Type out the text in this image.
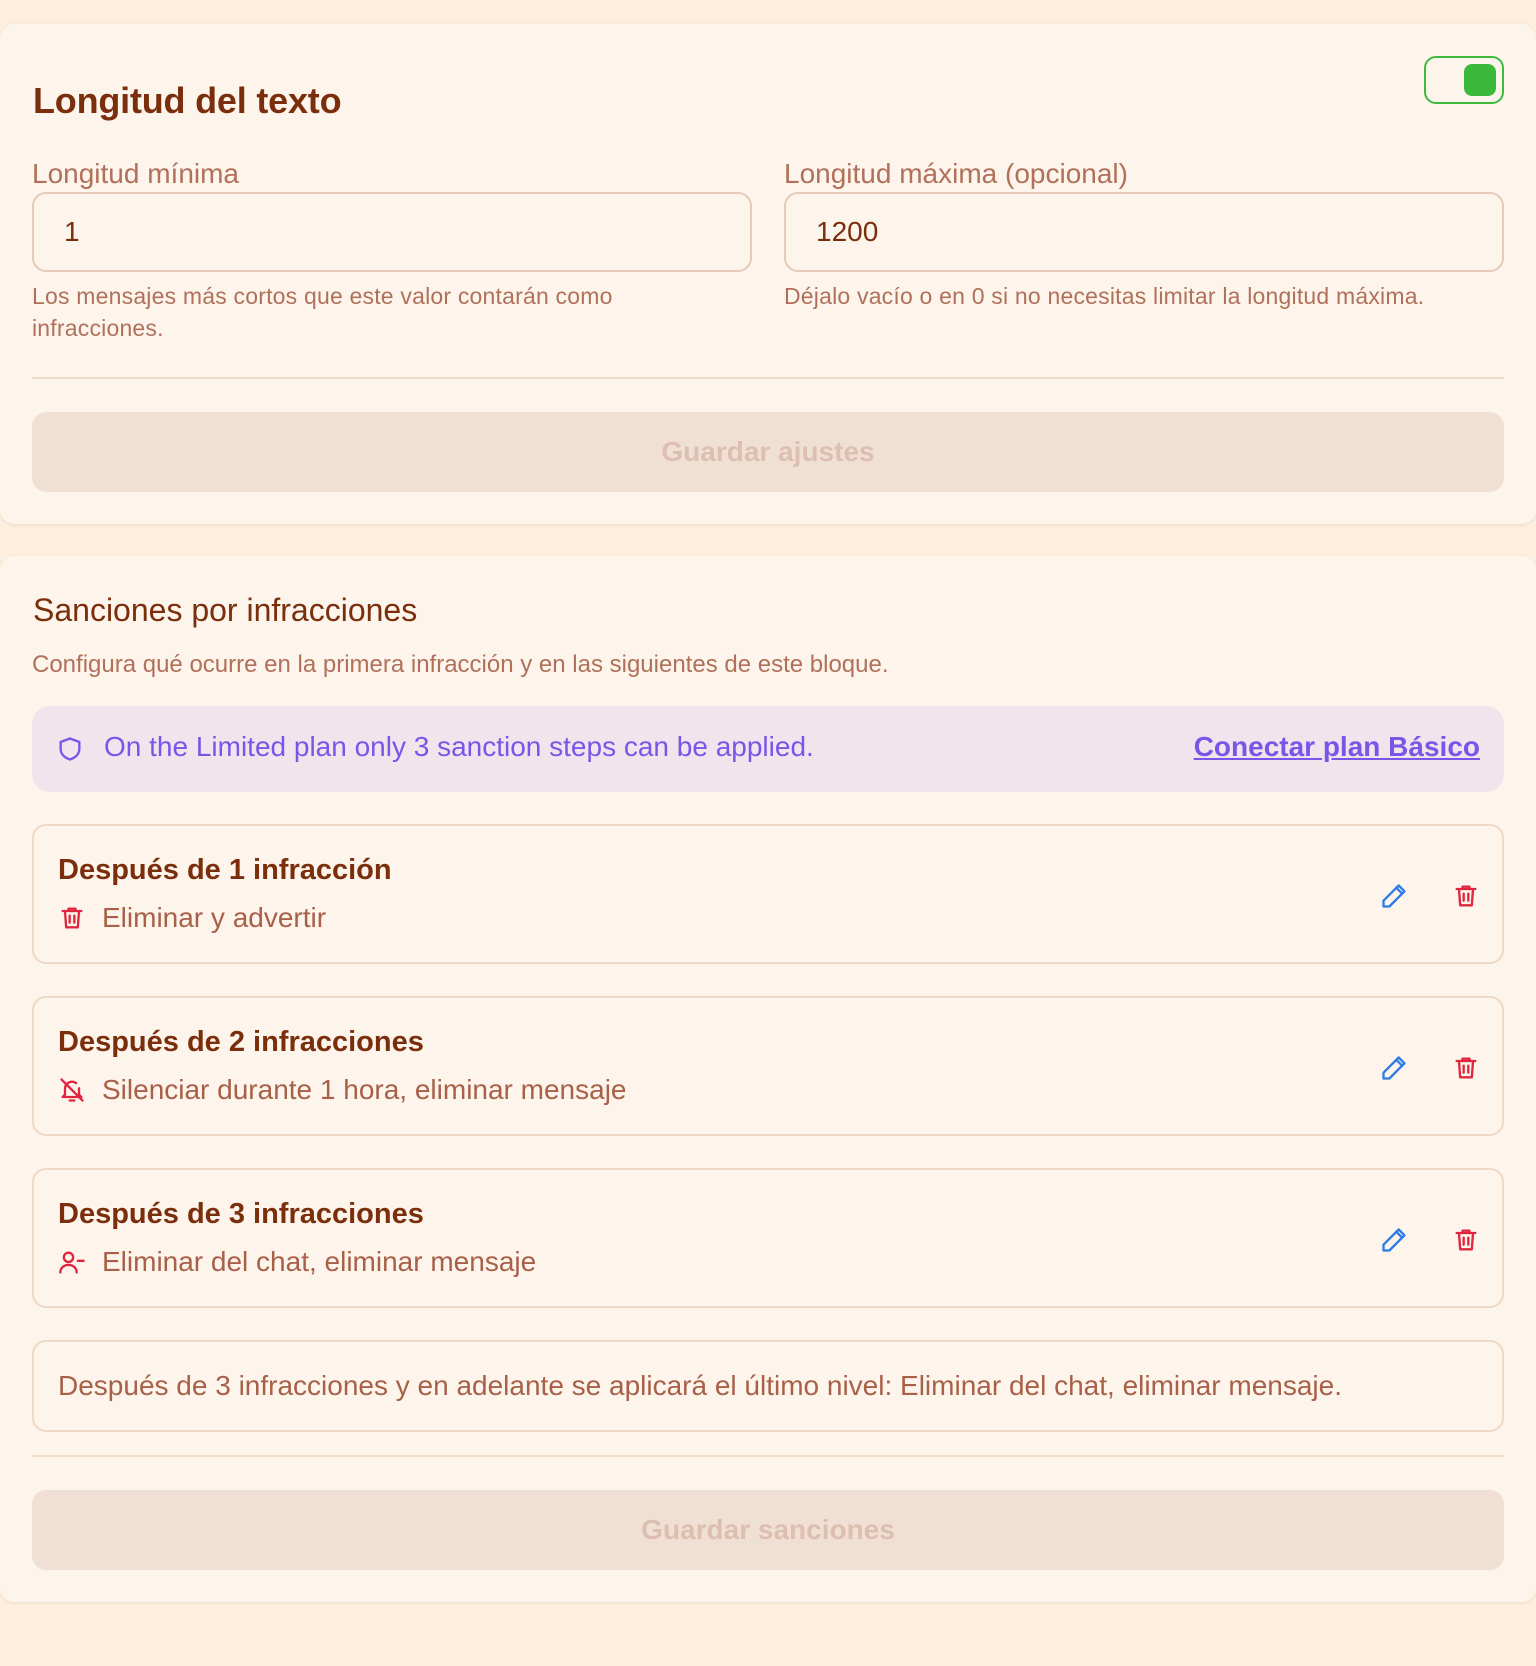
Longitud del texto
Longitud mínima
1

Los mensajes más cortos que este valor contarán como infracciones.

Longitud máxima (opcional)
1200

Déjalo vacío o en 0 si no necesitas limitar la longitud máxima.

Guardar ajustes
Sanciones por infracciones

Configura qué ocurre en la primera infracción y en las siguientes de este bloque.

On the Limited plan only 3 sanction steps can be applied.	Conectar plan Básico
Después de 1 infracción
Eliminar y advertir
Después de 2 infracciones
Silenciar durante 1 hora, eliminar mensaje
Después de 3 infracciones
Eliminar del chat, eliminar mensaje
Después de 3 infracciones y en adelante se aplicará el último nivel: Eliminar del chat, eliminar mensaje.
Guardar sanciones
